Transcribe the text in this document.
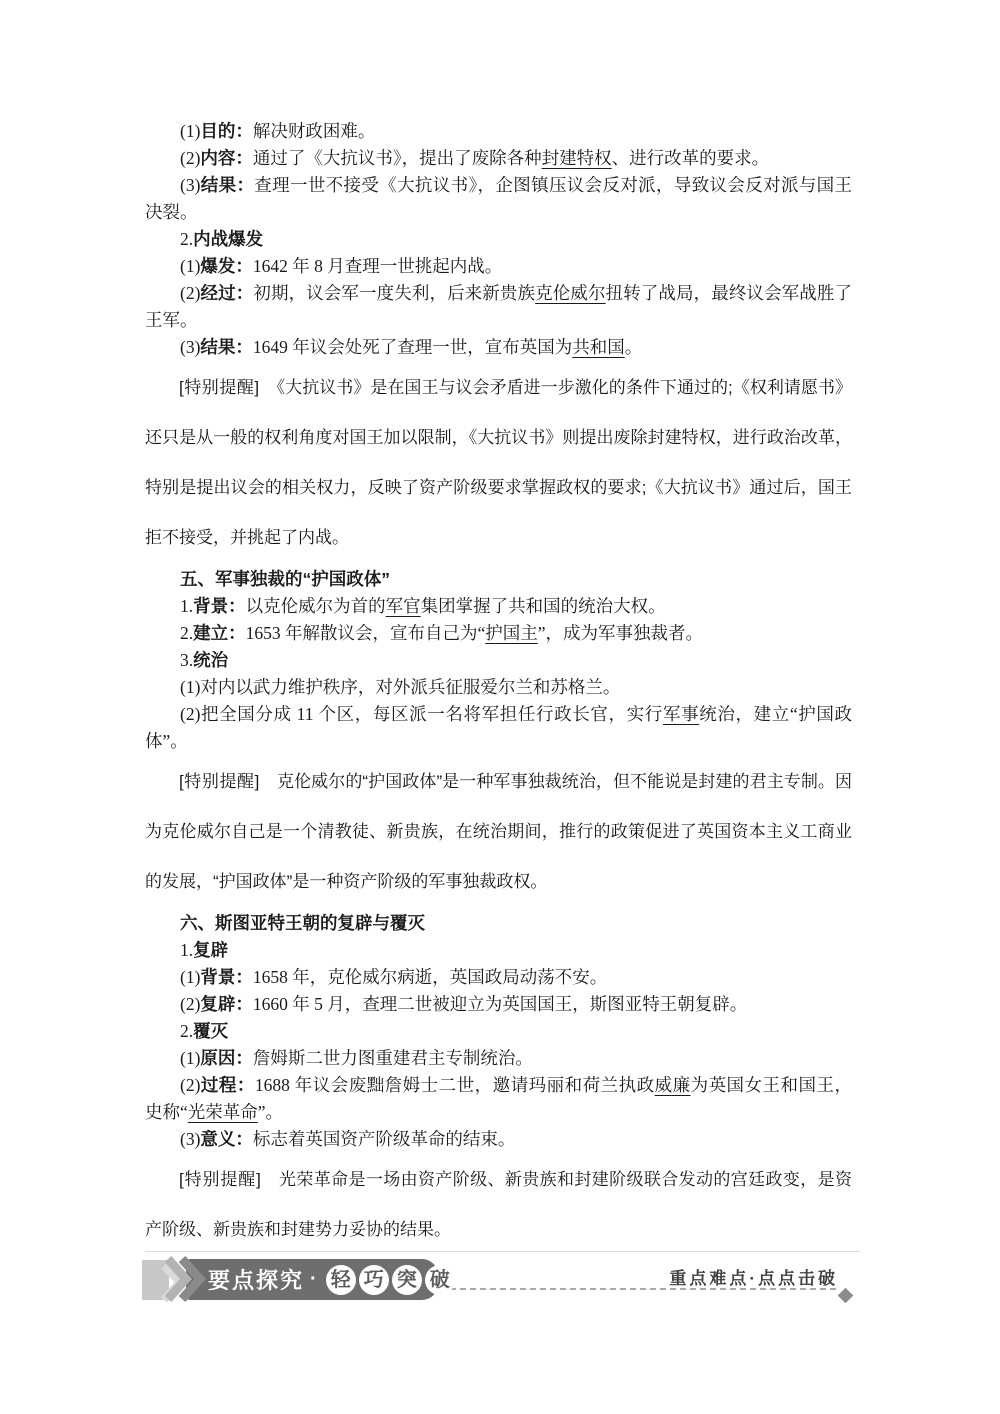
(1)目的：解决财政困难。

(2)内容：通过了《大抗议书》，提出了废除各种封建特权、进行改革的要求。

(3)结果：查理一世不接受《大抗议书》，企图镇压议会反对派，导致议会反对派与国王决裂。

2.内战爆发

(1)爆发：1642 年 8 月查理一世挑起内战。

(2)经过：初期，议会军一度失利，后来新贵族克伦威尔扭转了战局，最终议会军战胜了王军。

(3)结果：1649 年议会处死了查理一世，宣布英国为共和国。

[特别提醒]　《大抗议书》是在国王与议会矛盾进一步激化的条件下通过的;《权利请愿书》还只是从一般的权利角度对国王加以限制，《大抗议书》则提出废除封建特权，进行政治改革，特别是提出议会的相关权力，反映了资产阶级要求掌握政权的要求;《大抗议书》通过后，国王拒不接受，并挑起了内战。

五、军事独裁的“护国政体”

1.背景：以克伦威尔为首的军官集团掌握了共和国的统治大权。

2.建立：1653 年解散议会，宣布自己为“护国主”，成为军事独裁者。

3.统治

(1)对内以武力维护秩序，对外派兵征服爱尔兰和苏格兰。

(2)把全国分成 11 个区，每区派一名将军担任行政长官，实行军事统治，建立“护国政体”。

[特别提醒]　克伦威尔的“护国政体”是一种军事独裁统治，但不能说是封建的君主专制。因为克伦威尔自己是一个清教徒、新贵族，在统治期间，推行的政策促进了英国资本主义工商业的发展，“护国政体”是一种资产阶级的军事独裁政权。

六、斯图亚特王朝的复辟与覆灭

1.复辟

(1)背景：1658 年，克伦威尔病逝，英国政局动荡不安。

(2)复辟：1660 年 5 月，查理二世被迎立为英国国王，斯图亚特王朝复辟。

2.覆灭

(1)原因：詹姆斯二世力图重建君主专制统治。

(2)过程：1688 年议会废黜詹姆士二世，邀请玛丽和荷兰执政威廉为英国女王和国王，史称“光荣革命”。

(3)意义：标志着英国资产阶级革命的结束。

[特别提醒]　光荣革命是一场由资产阶级、新贵族和封建阶级联合发动的宫廷政变，是资产阶级、新贵族和封建势力妥协的结果。

要点探究 · 轻 巧 突 破	重点难点·点点击破
